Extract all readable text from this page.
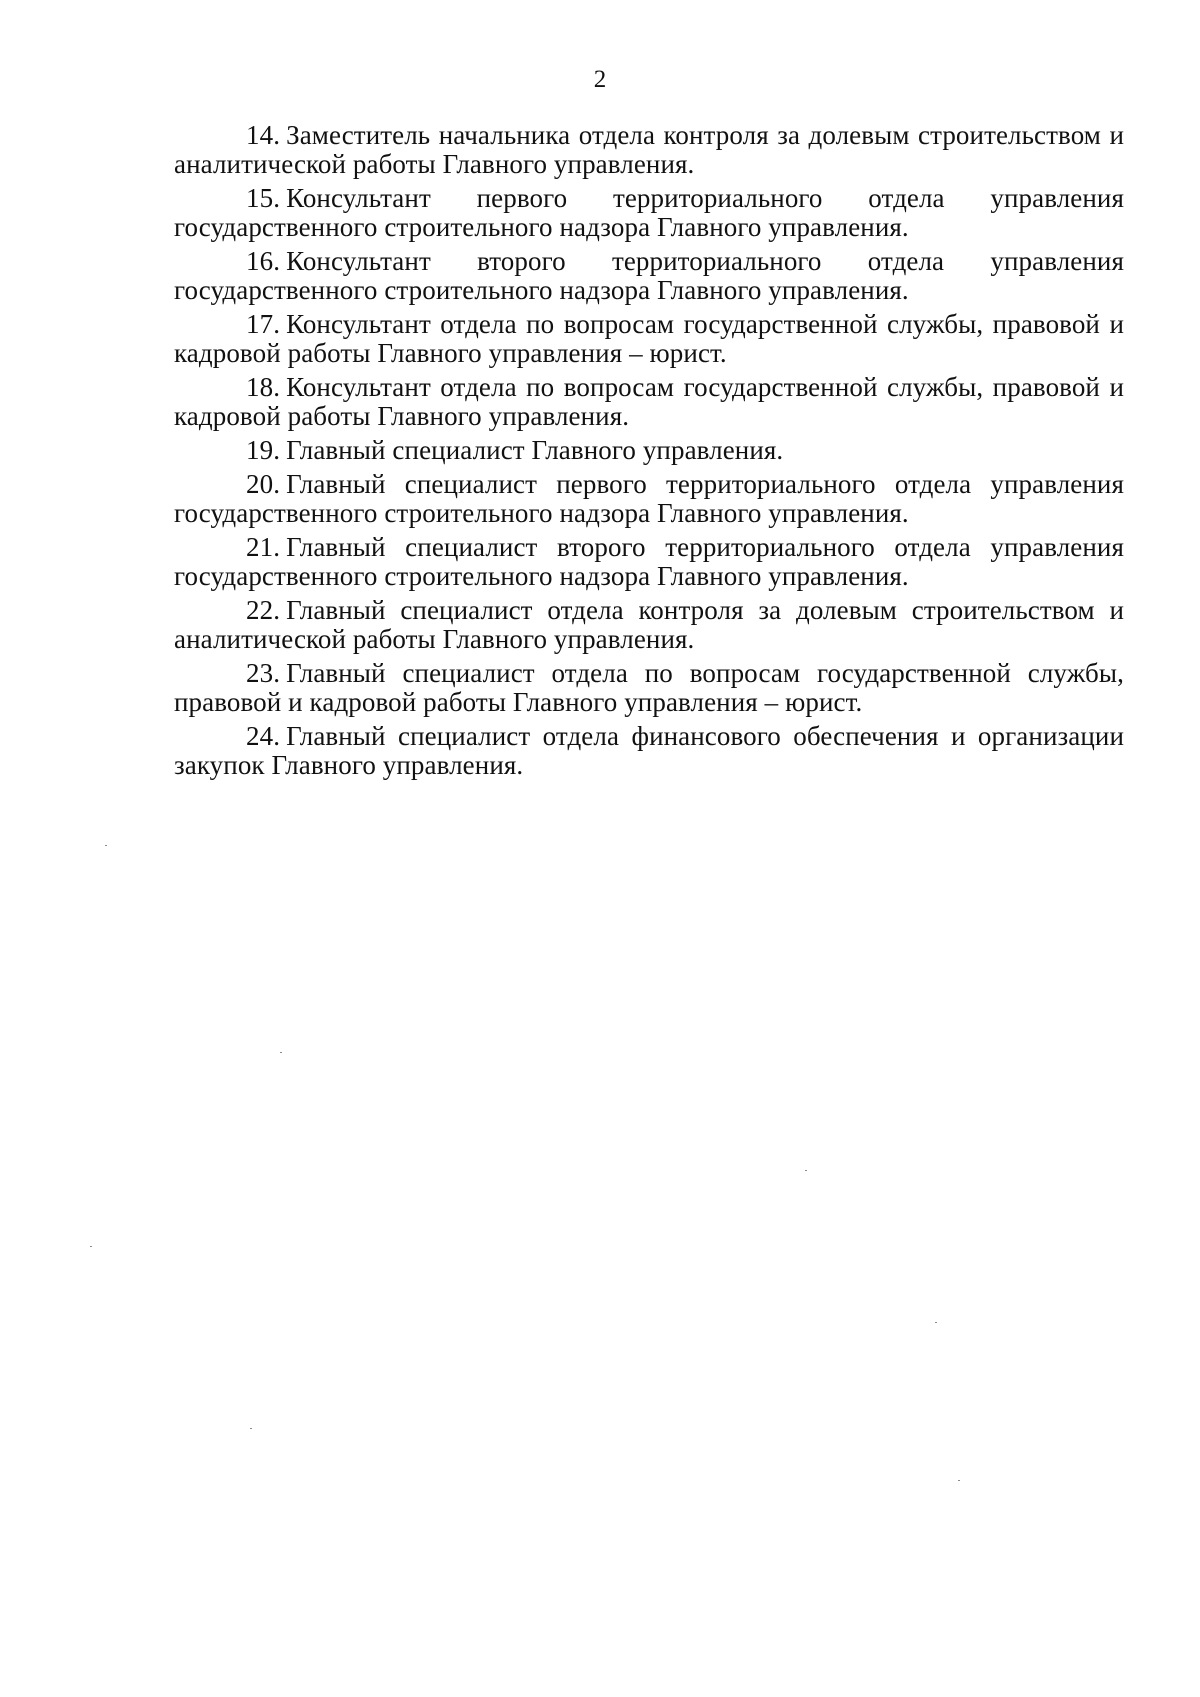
2

14. Заместитель начальника отдела контроля за долевым строительством и аналитической работы Главного управления.

15. Консультант первого территориального отдела управления государственного строительного надзора Главного управления.

16. Консультант второго территориального отдела управления государственного строительного надзора Главного управления.

17. Консультант отдела по вопросам государственной службы, правовой и кадровой работы Главного управления – юрист.

18. Консультант отдела по вопросам государственной службы, правовой и кадровой работы Главного управления.

19. Главный специалист Главного управления.

20. Главный специалист первого территориального отдела управления государственного строительного надзора Главного управления.

21. Главный специалист второго территориального отдела управления государственного строительного надзора Главного управления.

22. Главный специалист отдела контроля за долевым строительством и аналитической работы Главного управления.

23. Главный специалист отдела по вопросам государственной службы, правовой и кадровой работы Главного управления – юрист.

24. Главный специалист отдела финансового обеспечения и организации закупок Главного управления.
